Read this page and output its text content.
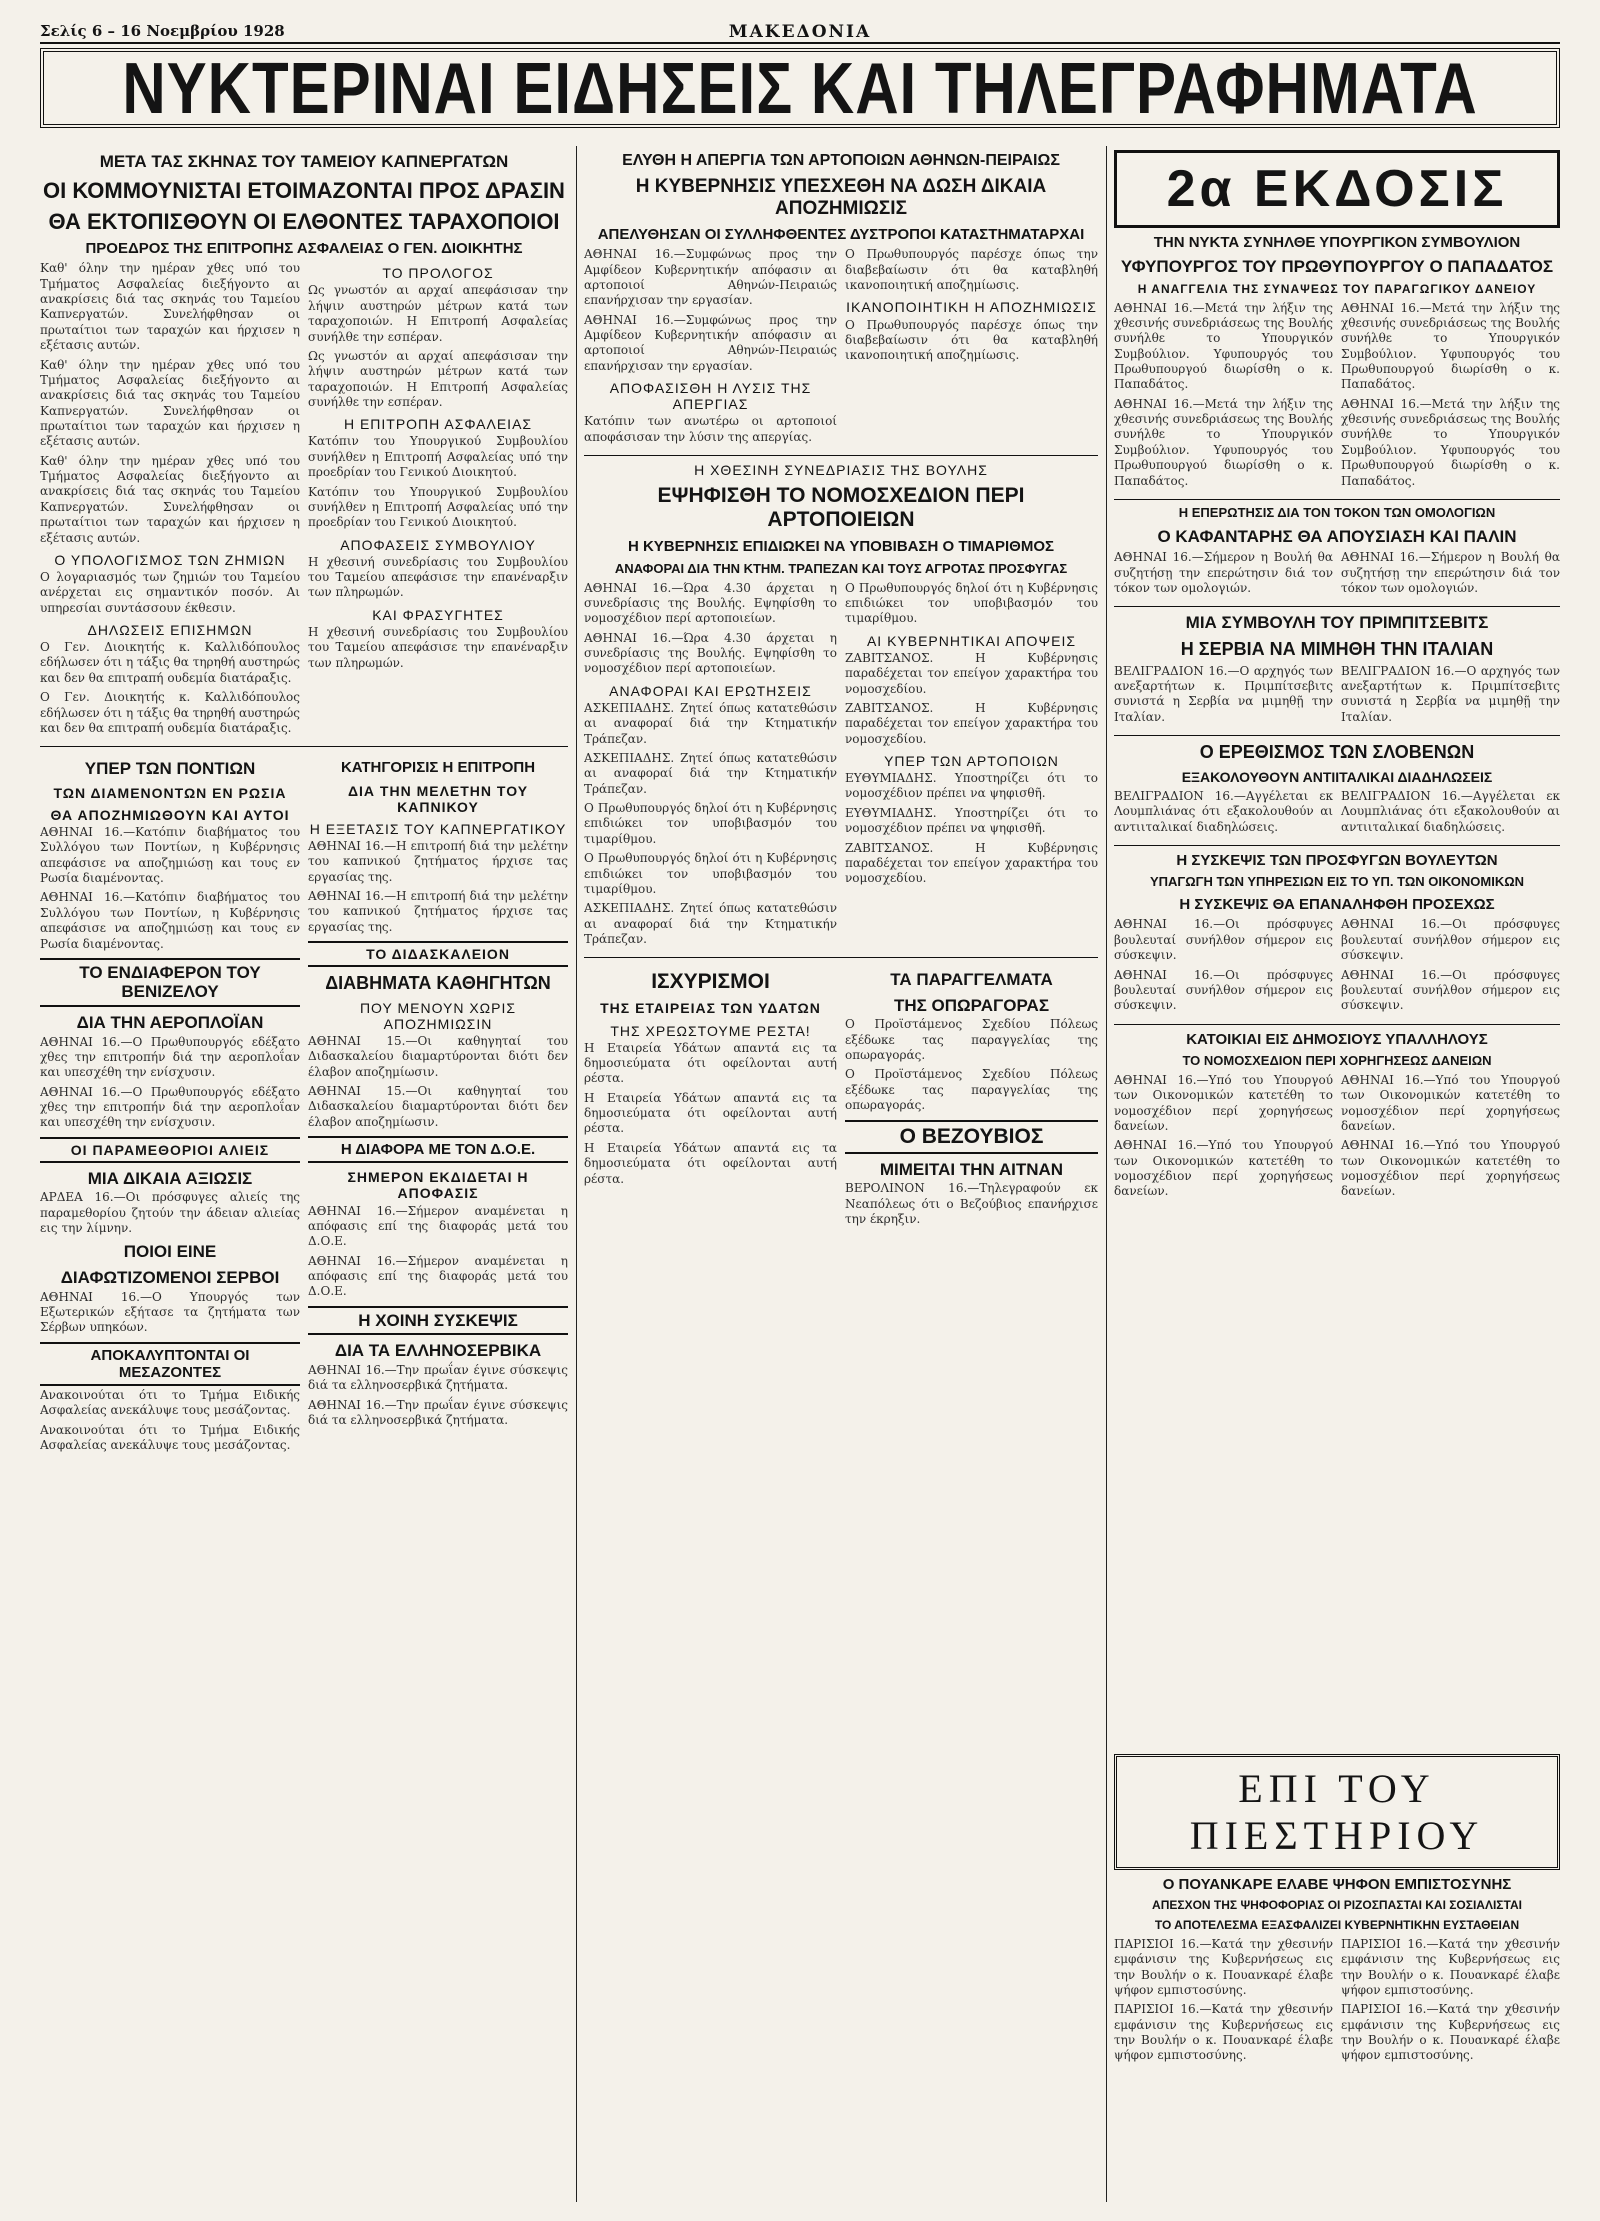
Σελίς 6 – 16 Νοεμβρίου 1928	ΜΑΚΕΔΟΝΙΑ
ΝΥΚΤΕΡΙΝΑΙ ΕΙΔΗΣΕΙΣ ΚΑΙ ΤΗΛΕΓΡΑΦΗΜΑΤΑ
ΜΕΤΑ ΤΑΣ ΣΚΗΝΑΣ ΤΟΥ ΤΑΜΕΙΟΥ ΚΑΠΝΕΡΓΑΤΩΝ
ΟΙ ΚΟΜΜΟΥΝΙΣΤΑΙ ΕΤΟΙΜΑΖΟΝΤΑΙ ΠΡΟΣ ΔΡΑΣΙΝ
ΘΑ ΕΚΤΟΠΙΣΘΟΥΝ ΟΙ ΕΛΘΟΝΤΕΣ ΤΑΡΑΧΟΠΟΙΟΙ
ΠΡΟΕΔΡΟΣ ΤΗΣ ΕΠΙΤΡΟΠΗΣ ΑΣΦΑΛΕΙΑΣ Ο ΓΕΝ. ΔΙΟΙΚΗΤΗΣ

Καθ' όλην την ημέραν χθες υπό του Τμήματος Ασφαλείας διεξήγοντο αι ανακρίσεις διά τας σκηνάς του Ταμείου Καπνεργατών. Συνελήφθησαν οι πρωταίτιοι των ταραχών και ήρχισεν η εξέτασις αυτών.

Καθ' όλην την ημέραν χθες υπό του Τμήματος Ασφαλείας διεξήγοντο αι ανακρίσεις διά τας σκηνάς του Ταμείου Καπνεργατών. Συνελήφθησαν οι πρωταίτιοι των ταραχών και ήρχισεν η εξέτασις αυτών.

Καθ' όλην την ημέραν χθες υπό του Τμήματος Ασφαλείας διεξήγοντο αι ανακρίσεις διά τας σκηνάς του Ταμείου Καπνεργατών. Συνελήφθησαν οι πρωταίτιοι των ταραχών και ήρχισεν η εξέτασις αυτών.

Ο ΥΠΟΛΟΓΙΣΜΟΣ ΤΩΝ ΖΗΜΙΩΝ

Ο λογαριασμός των ζημιών του Ταμείου ανέρχεται εις σημαντικόν ποσόν. Αι υπηρεσίαι συντάσσουν έκθεσιν.

ΔΗΛΩΣΕΙΣ ΕΠΙΣΗΜΩΝ

Ο Γεν. Διοικητής κ. Καλλιδόπουλος εδήλωσεν ότι η τάξις θα τηρηθή αυστηρώς και δεν θα επιτραπή ουδεμία διατάραξις.

Ο Γεν. Διοικητής κ. Καλλιδόπουλος εδήλωσεν ότι η τάξις θα τηρηθή αυστηρώς και δεν θα επιτραπή ουδεμία διατάραξις.

ΤΟ ΠΡΟΛΟΓΟΣ

Ως γνωστόν αι αρχαί απεφάσισαν την λήψιν αυστηρών μέτρων κατά των ταραχοποιών. Η Επιτροπή Ασφαλείας συνήλθε την εσπέραν.

Ως γνωστόν αι αρχαί απεφάσισαν την λήψιν αυστηρών μέτρων κατά των ταραχοποιών. Η Επιτροπή Ασφαλείας συνήλθε την εσπέραν.

Η ΕΠΙΤΡΟΠΗ ΑΣΦΑΛΕΙΑΣ

Κατόπιν του Υπουργικού Συμβουλίου συνήλθεν η Επιτροπή Ασφαλείας υπό την προεδρίαν του Γενικού Διοικητού.

Κατόπιν του Υπουργικού Συμβουλίου συνήλθεν η Επιτροπή Ασφαλείας υπό την προεδρίαν του Γενικού Διοικητού.

ΑΠΟΦΑΣΕΙΣ ΣΥΜΒΟΥΛΙΟΥ

Η χθεσινή συνεδρίασις του Συμβουλίου του Ταμείου απεφάσισε την επανέναρξιν των πληρωμών.

ΚΑΙ ΦΡΑΣΥΓΗΤΕΣ

Η χθεσινή συνεδρίασις του Συμβουλίου του Ταμείου απεφάσισε την επανέναρξιν των πληρωμών.

ΥΠΕΡ ΤΩΝ ΠΟΝΤΙΩΝ
ΤΩΝ ΔΙΑΜΕΝΟΝΤΩΝ ΕΝ ΡΩΣΙΑ
ΘΑ ΑΠΟΖΗΜΙΩΘΟΥΝ ΚΑΙ ΑΥΤΟΙ

ΑΘΗΝΑΙ 16.—Κατόπιν διαβήματος του Συλλόγου των Ποντίων, η Κυβέρνησις απεφάσισε να αποζημιώσῃ και τους εν Ρωσία διαμένοντας.

ΑΘΗΝΑΙ 16.—Κατόπιν διαβήματος του Συλλόγου των Ποντίων, η Κυβέρνησις απεφάσισε να αποζημιώσῃ και τους εν Ρωσία διαμένοντας.

ΤΟ ΕΝΔΙΑΦΕΡΟΝ ΤΟΥ ΒΕΝΙΖΕΛΟΥ
ΔΙΑ ΤΗΝ ΑΕΡΟΠΛΟΪΑΝ

ΑΘΗΝΑΙ 16.—Ο Πρωθυπουργός εδέξατο χθες την επιτροπήν διά την αεροπλοΐαν και υπεσχέθη την ενίσχυσιν.

ΑΘΗΝΑΙ 16.—Ο Πρωθυπουργός εδέξατο χθες την επιτροπήν διά την αεροπλοΐαν και υπεσχέθη την ενίσχυσιν.

ΟΙ ΠΑΡΑΜΕΘΟΡΙΟΙ ΑΛΙΕΙΣ
ΜΙΑ ΔΙΚΑΙΑ ΑΞΙΩΣΙΣ

ΑΡΔΕΑ 16.—Οι πρόσφυγες αλιείς της παραμεθορίου ζητούν την άδειαν αλιείας εις την λίμνην.

ΠΟΙΟΙ ΕΙΝΕ
ΔΙΑΦΩΤΙΖΟΜΕΝΟΙ ΣΕΡΒΟΙ

ΑΘΗΝΑΙ 16.—Ο Υπουργός των Εξωτερικών εξήτασε τα ζητήματα των Σέρβων υπηκόων.

ΑΠΟΚΑΛΥΠΤΟΝΤΑΙ ΟΙ ΜΕΣΑΖΟΝΤΕΣ

Ανακοινούται ότι το Τμήμα Ειδικής Ασφαλείας ανεκάλυψε τους μεσάζοντας.

Ανακοινούται ότι το Τμήμα Ειδικής Ασφαλείας ανεκάλυψε τους μεσάζοντας.

ΚΑΤΗΓΟΡΙΣΙΣ Η ΕΠΙΤΡΟΠΗ
ΔΙΑ ΤΗΝ ΜΕΛΕΤΗΝ ΤΟΥ ΚΑΠΝΙΚΟΥ
Η ΕΞΕΤΑΣΙΣ ΤΟΥ ΚΑΠΝΕΡΓΑΤΙΚΟΥ

ΑΘΗΝΑΙ 16.—Η επιτροπή διά την μελέτην του καπνικού ζητήματος ήρχισε τας εργασίας της.

ΑΘΗΝΑΙ 16.—Η επιτροπή διά την μελέτην του καπνικού ζητήματος ήρχισε τας εργασίας της.

ΤΟ ΔΙΔΑΣΚΑΛΕΙΟΝ
ΔΙΑΒΗΜΑΤΑ ΚΑΘΗΓΗΤΩΝ
ΠΟΥ ΜΕΝΟΥΝ ΧΩΡΙΣ ΑΠΟΖΗΜΙΩΣΙΝ

ΑΘΗΝΑΙ 15.—Οι καθηγηταί του Διδασκαλείου διαμαρτύρονται διότι δεν έλαβον αποζημίωσιν.

ΑΘΗΝΑΙ 15.—Οι καθηγηταί του Διδασκαλείου διαμαρτύρονται διότι δεν έλαβον αποζημίωσιν.

Η ΔΙΑΦΟΡΑ ΜΕ ΤΟΝ Δ.Ο.Ε.
ΣΗΜΕΡΟΝ ΕΚΔΙΔΕΤΑΙ Η ΑΠΟΦΑΣΙΣ

ΑΘΗΝΑΙ 16.—Σήμερον αναμένεται η απόφασις επί της διαφοράς μετά του Δ.Ο.Ε.

ΑΘΗΝΑΙ 16.—Σήμερον αναμένεται η απόφασις επί της διαφοράς μετά του Δ.Ο.Ε.

Η ΧΟΙΝΗ ΣΥΣΚΕΨΙΣ
ΔΙΑ ΤΑ ΕΛΛΗΝΟΣΕΡΒΙΚΑ

ΑΘΗΝΑΙ 16.—Την πρωΐαν έγινε σύσκεψις διά τα ελληνοσερβικά ζητήματα.

ΑΘΗΝΑΙ 16.—Την πρωΐαν έγινε σύσκεψις διά τα ελληνοσερβικά ζητήματα.

ΕΛΥΘΗ Η ΑΠΕΡΓΙΑ ΤΩΝ ΑΡΤΟΠΟΙΩΝ ΑΘΗΝΩΝ-ΠΕΙΡΑΙΩΣ
Η ΚΥΒΕΡΝΗΣΙΣ ΥΠΕΣΧΕΘΗ ΝΑ ΔΩΣΗ ΔΙΚΑΙΑ ΑΠΟΖΗΜΙΩΣΙΣ
ΑΠΕΛΥΘΗΣΑΝ ΟΙ ΣΥΛΛΗΦΘΕΝΤΕΣ ΔΥΣΤΡΟΠΟΙ ΚΑΤΑΣΤΗΜΑΤΑΡΧΑΙ

ΑΘΗΝΑΙ 16.—Συμφώνως προς την Αμφίδεον Κυβερνητικήν απόφασιν αι αρτοποιοί Αθηνών-Πειραιώς επανήρχισαν την εργασίαν.

ΑΘΗΝΑΙ 16.—Συμφώνως προς την Αμφίδεον Κυβερνητικήν απόφασιν αι αρτοποιοί Αθηνών-Πειραιώς επανήρχισαν την εργασίαν.

ΑΠΟΦΑΣΙΣΘΗ Η ΛΥΣΙΣ ΤΗΣ ΑΠΕΡΓΙΑΣ

Κατόπιν των ανωτέρω οι αρτοποιοί αποφάσισαν την λύσιν της απεργίας.

Ο Πρωθυπουργός παρέσχε όπως την διαβεβαίωσιν ότι θα καταβληθή ικανοποιητική αποζημίωσις.

ΙΚΑΝΟΠΟΙΗΤΙΚΗ Η ΑΠΟΖΗΜΙΩΣΙΣ

Ο Πρωθυπουργός παρέσχε όπως την διαβεβαίωσιν ότι θα καταβληθή ικανοποιητική αποζημίωσις.

Η ΧΘΕΣΙΝΗ ΣΥΝΕΔΡΙΑΣΙΣ ΤΗΣ ΒΟΥΛΗΣ
ΕΨΗΦΙΣΘΗ ΤΟ ΝΟΜΟΣΧΕΔΙΟΝ ΠΕΡΙ ΑΡΤΟΠΟΙΕΙΩΝ
Η ΚΥΒΕΡΝΗΣΙΣ ΕΠΙΔΙΩΚΕΙ ΝΑ ΥΠΟΒΙΒΑΣΗ Ο ΤΙΜΑΡΙΘΜΟΣ
ΑΝΑΦΟΡΑΙ ΔΙΑ ΤΗΝ ΚΤΗΜ. ΤΡΑΠΕΖΑΝ ΚΑΙ ΤΟΥΣ ΑΓΡΟΤΑΣ ΠΡΟΣΦΥΓΑΣ

ΑΘΗΝΑΙ 16.—Ώρα 4.30 άρχεται η συνεδρίασις της Βουλής. Εψηφίσθη το νομοσχέδιον περί αρτοποιείων.

ΑΘΗΝΑΙ 16.—Ώρα 4.30 άρχεται η συνεδρίασις της Βουλής. Εψηφίσθη το νομοσχέδιον περί αρτοποιείων.

ΑΝΑΦΟΡΑΙ ΚΑΙ ΕΡΩΤΗΣΕΙΣ

ΑΣΚΕΠΙΑΔΗΣ. Ζητεί όπως κατατεθώσιν αι αναφοραί διά την Κτηματικήν Τράπεζαν.

ΑΣΚΕΠΙΑΔΗΣ. Ζητεί όπως κατατεθώσιν αι αναφοραί διά την Κτηματικήν Τράπεζαν.

Ο Πρωθυπουργός δηλοί ότι η Κυβέρνησις επιδιώκει τον υποβιβασμόν του τιμαρίθμου.

Ο Πρωθυπουργός δηλοί ότι η Κυβέρνησις επιδιώκει τον υποβιβασμόν του τιμαρίθμου.

ΑΣΚΕΠΙΑΔΗΣ. Ζητεί όπως κατατεθώσιν αι αναφοραί διά την Κτηματικήν Τράπεζαν.

Ο Πρωθυπουργός δηλοί ότι η Κυβέρνησις επιδιώκει τον υποβιβασμόν του τιμαρίθμου.

ΑΙ ΚΥΒΕΡΝΗΤΙΚΑΙ ΑΠΟΨΕΙΣ

ΖΑΒΙΤΣΑΝΟΣ. Η Κυβέρνησις παραδέχεται τον επείγον χαρακτήρα του νομοσχεδίου.

ΖΑΒΙΤΣΑΝΟΣ. Η Κυβέρνησις παραδέχεται τον επείγον χαρακτήρα του νομοσχεδίου.

ΥΠΕΡ ΤΩΝ ΑΡΤΟΠΟΙΩΝ

ΕΥΘΥΜΙΑΔΗΣ. Υποστηρίζει ότι το νομοσχέδιον πρέπει να ψηφισθῆ.

ΕΥΘΥΜΙΑΔΗΣ. Υποστηρίζει ότι το νομοσχέδιον πρέπει να ψηφισθῆ.

ΖΑΒΙΤΣΑΝΟΣ. Η Κυβέρνησις παραδέχεται τον επείγον χαρακτήρα του νομοσχεδίου.

ΙΣΧΥΡΙΣΜΟΙ
ΤΗΣ ΕΤΑΙΡΕΙΑΣ ΤΩΝ ΥΔΑΤΩΝ
ΤΗΣ ΧΡΕΩΣΤΟΥΜΕ ΡΕΣΤΑ!

Η Εταιρεία Υδάτων απαντά εις τα δημοσιεύματα ότι οφείλονται αυτή ρέστα.

Η Εταιρεία Υδάτων απαντά εις τα δημοσιεύματα ότι οφείλονται αυτή ρέστα.

Η Εταιρεία Υδάτων απαντά εις τα δημοσιεύματα ότι οφείλονται αυτή ρέστα.

ΤΑ ΠΑΡΑΓΓΕΛΜΑΤΑ
ΤΗΣ ΟΠΩΡΑΓΟΡΑΣ

Ο Προϊστάμενος Σχεδίου Πόλεως εξέδωκε τας παραγγελίας της οπωραγοράς.

Ο Προϊστάμενος Σχεδίου Πόλεως εξέδωκε τας παραγγελίας της οπωραγοράς.

Ο ΒΕΖΟΥΒΙΟΣ
ΜΙΜΕΙΤΑΙ ΤΗΝ ΑΙΤΝΑΝ

ΒΕΡΟΛΙΝΟΝ 16.—Τηλεγραφούν εκ Νεαπόλεως ότι ο Βεζούβιος επανήρχισε την έκρηξιν.

2α ΕΚΔΟΣΙΣ
ΤΗΝ ΝΥΚΤΑ ΣΥΝΗΛΘΕ ΥΠΟΥΡΓΙΚΟΝ ΣΥΜΒΟΥΛΙΟΝ
ΥΦΥΠΟΥΡΓΟΣ ΤΟΥ ΠΡΩΘΥΠΟΥΡΓΟΥ Ο ΠΑΠΑΔΑΤΟΣ
Η ΑΝΑΓΓΕΛΙΑ ΤΗΣ ΣΥΝΑΨΕΩΣ ΤΟΥ ΠΑΡΑΓΩΓΙΚΟΥ ΔΑΝΕΙΟΥ

ΑΘΗΝΑΙ 16.—Μετά την λήξιν της χθεσινής συνεδριάσεως της Βουλής συνήλθε το Υπουργικόν Συμβούλιον. Υφυπουργός του Πρωθυπουργού διωρίσθη ο κ. Παπαδάτος.

ΑΘΗΝΑΙ 16.—Μετά την λήξιν της χθεσινής συνεδριάσεως της Βουλής συνήλθε το Υπουργικόν Συμβούλιον. Υφυπουργός του Πρωθυπουργού διωρίσθη ο κ. Παπαδάτος.

ΑΘΗΝΑΙ 16.—Μετά την λήξιν της χθεσινής συνεδριάσεως της Βουλής συνήλθε το Υπουργικόν Συμβούλιον. Υφυπουργός του Πρωθυπουργού διωρίσθη ο κ. Παπαδάτος.

ΑΘΗΝΑΙ 16.—Μετά την λήξιν της χθεσινής συνεδριάσεως της Βουλής συνήλθε το Υπουργικόν Συμβούλιον. Υφυπουργός του Πρωθυπουργού διωρίσθη ο κ. Παπαδάτος.

Η ΕΠΕΡΩΤΗΣΙΣ ΔΙΑ ΤΟΝ ΤΟΚΟΝ ΤΩΝ ΟΜΟΛΟΓΙΩΝ
Ο ΚΑΦΑΝΤΑΡΗΣ ΘΑ ΑΠΟΥΣΙΑΣΗ ΚΑΙ ΠΑΛΙΝ

ΑΘΗΝΑΙ 16.—Σήμερον η Βουλή θα συζητήσῃ την επερώτησιν διά τον τόκον των ομολογιών.

ΑΘΗΝΑΙ 16.—Σήμερον η Βουλή θα συζητήσῃ την επερώτησιν διά τον τόκον των ομολογιών.

ΜΙΑ ΣΥΜΒΟΥΛΗ ΤΟΥ ΠΡΙΜΠΙΤΣΕΒΙΤΣ
Η ΣΕΡΒΙΑ ΝΑ ΜΙΜΗΘΗ ΤΗΝ ΙΤΑΛΙΑΝ

ΒΕΛΙΓΡΑΔΙΟΝ 16.—Ο αρχηγός των ανεξαρτήτων κ. Πριμπίτσεβιτς συνιστά η Σερβία να μιμηθῇ την Ιταλίαν.

ΒΕΛΙΓΡΑΔΙΟΝ 16.—Ο αρχηγός των ανεξαρτήτων κ. Πριμπίτσεβιτς συνιστά η Σερβία να μιμηθῇ την Ιταλίαν.

Ο ΕΡΕΘΙΣΜΟΣ ΤΩΝ ΣΛΟΒΕΝΩΝ
ΕΞΑΚΟΛΟΥΘΟΥΝ ΑΝΤΙΙΤΑΛΙΚΑΙ ΔΙΑΔΗΛΩΣΕΙΣ

ΒΕΛΙΓΡΑΔΙΟΝ 16.—Αγγέλεται εκ Λουμπλιάνας ότι εξακολουθούν αι αντιιταλικαί διαδηλώσεις.

ΒΕΛΙΓΡΑΔΙΟΝ 16.—Αγγέλεται εκ Λουμπλιάνας ότι εξακολουθούν αι αντιιταλικαί διαδηλώσεις.

Η ΣΥΣΚΕΨΙΣ ΤΩΝ ΠΡΟΣΦΥΓΩΝ ΒΟΥΛΕΥΤΩΝ
ΥΠΑΓΩΓΗ ΤΩΝ ΥΠΗΡΕΣΙΩΝ ΕΙΣ ΤΟ ΥΠ. ΤΩΝ ΟΙΚΟΝΟΜΙΚΩΝ
Η ΣΥΣΚΕΨΙΣ ΘΑ ΕΠΑΝΑΛΗΦΘΗ ΠΡΟΣΕΧΩΣ

ΑΘΗΝΑΙ 16.—Οι πρόσφυγες βουλευταί συνήλθον σήμερον εις σύσκεψιν.

ΑΘΗΝΑΙ 16.—Οι πρόσφυγες βουλευταί συνήλθον σήμερον εις σύσκεψιν.

ΑΘΗΝΑΙ 16.—Οι πρόσφυγες βουλευταί συνήλθον σήμερον εις σύσκεψιν.

ΑΘΗΝΑΙ 16.—Οι πρόσφυγες βουλευταί συνήλθον σήμερον εις σύσκεψιν.

ΚΑΤΟΙΚΙΑΙ ΕΙΣ ΔΗΜΟΣΙΟΥΣ ΥΠΑΛΛΗΛΟΥΣ
ΤΟ ΝΟΜΟΣΧΕΔΙΟΝ ΠΕΡΙ ΧΟΡΗΓΗΣΕΩΣ ΔΑΝΕΙΩΝ

ΑΘΗΝΑΙ 16.—Υπό του Υπουργού των Οικονομικών κατετέθη το νομοσχέδιον περί χορηγήσεως δανείων.

ΑΘΗΝΑΙ 16.—Υπό του Υπουργού των Οικονομικών κατετέθη το νομοσχέδιον περί χορηγήσεως δανείων.

ΑΘΗΝΑΙ 16.—Υπό του Υπουργού των Οικονομικών κατετέθη το νομοσχέδιον περί χορηγήσεως δανείων.

ΑΘΗΝΑΙ 16.—Υπό του Υπουργού των Οικονομικών κατετέθη το νομοσχέδιον περί χορηγήσεως δανείων.

ΕΠΙ ΤΟΥ ΠΙΕΣΤΗΡΙΟΥ
Ο ΠΟΥΑΝΚΑΡΕ ΕΛΑΒΕ ΨΗΦΟΝ ΕΜΠΙΣΤΟΣΥΝΗΣ
ΑΠΕΣΧΟΝ ΤΗΣ ΨΗΦΟΦΟΡΙΑΣ ΟΙ ΡΙΖΟΣΠΑΣΤΑΙ ΚΑΙ ΣΟΣΙΑΛΙΣΤΑΙ
ΤΟ ΑΠΟΤΕΛΕΣΜΑ ΕΞΑΣΦΑΛΙΖΕΙ ΚΥΒΕΡΝΗΤΙΚΗΝ ΕΥΣΤΑΘΕΙΑΝ

ΠΑΡΙΣΙΟΙ 16.—Κατά την χθεσινήν εμφάνισιν της Κυβερνήσεως εις την Βουλήν ο κ. Πουανκαρέ έλαβε ψήφον εμπιστοσύνης.

ΠΑΡΙΣΙΟΙ 16.—Κατά την χθεσινήν εμφάνισιν της Κυβερνήσεως εις την Βουλήν ο κ. Πουανκαρέ έλαβε ψήφον εμπιστοσύνης.

ΠΑΡΙΣΙΟΙ 16.—Κατά την χθεσινήν εμφάνισιν της Κυβερνήσεως εις την Βουλήν ο κ. Πουανκαρέ έλαβε ψήφον εμπιστοσύνης.

ΠΑΡΙΣΙΟΙ 16.—Κατά την χθεσινήν εμφάνισιν της Κυβερνήσεως εις την Βουλήν ο κ. Πουανκαρέ έλαβε ψήφον εμπιστοσύνης.
